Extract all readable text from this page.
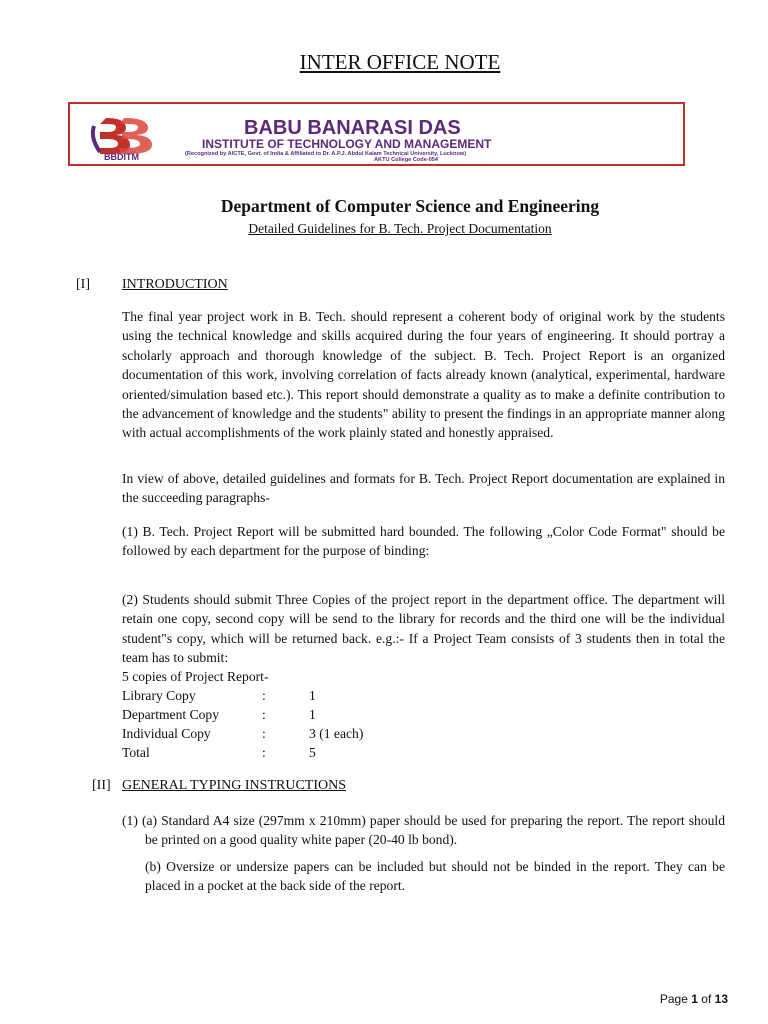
INTER OFFICE NOTE
BBDITM
BABU BANARASI DAS
INSTITUTE OF TECHNOLOGY AND MANAGEMENT
(Recognized by AICTE, Govt. of India & Affiliated to Dr. A.P.J. Abdul Kalam Technical University, Lucknow)
AKTU College Code-054
Department of Computer Science and Engineering
Detailed Guidelines for B. Tech. Project Documentation
[I] INTRODUCTION
The final year project work in B. Tech. should represent a coherent body of original work by the students using the technical knowledge and skills acquired during the four years of engineering. It should portray a scholarly approach and thorough knowledge of the subject. B. Tech. Project Report is an organized documentation of this work, involving correlation of facts already known (analytical, experimental, hardware oriented/simulation based etc.). This report should demonstrate a quality as to make a definite contribution to the advancement of knowledge and the students" ability to present the findings in an appropriate manner along with actual accomplishments of the work plainly stated and honestly appraised.
In view of above, detailed guidelines and formats for B. Tech. Project Report documentation are explained in the succeeding paragraphs-
(1) B. Tech. Project Report will be submitted hard bounded. The following „Color Code Format" should be followed by each department for the purpose of binding:
(2) Students should submit Three Copies of the project report in the department office. The department will retain one copy, second copy will be send to the library for records and the third one will be the individual student"s copy, which will be returned back. e.g.:- If a Project Team consists of 3 students then in total the team has to submit:
5 copies of Project Report-
Library Copy	:	1
Department Copy	:	1
Individual Copy	:	3 (1 each)
Total	:	5
[II] GENERAL TYPING INSTRUCTIONS
(1) (a) Standard A4 size (297mm x 210mm) paper should be used for preparing the report. The report should be printed on a good quality white paper (20-40 lb bond).
(b) Oversize or undersize papers can be included but should not be binded in the report. They can be placed in a pocket at the back side of the report.
Page 1 of 13
